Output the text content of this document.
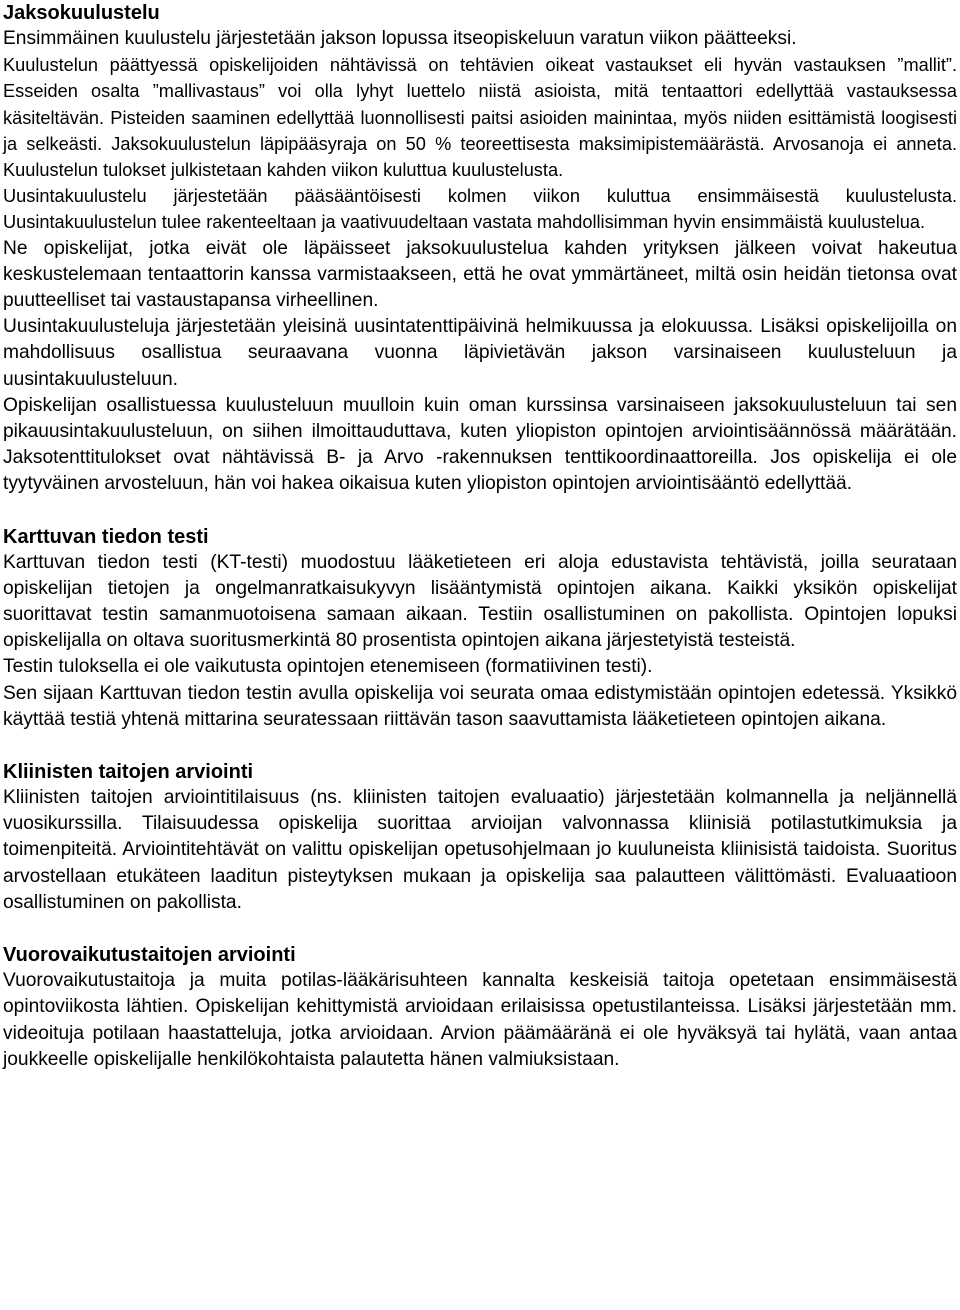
Jaksokuulustelu

Ensimmäinen kuulustelu järjestetään jakson lopussa itseopiskeluun varatun viikon päätteeksi.

Kuulustelun päättyessä opiskelijoiden nähtävissä on tehtävien oikeat vastaukset eli hyvän vastauksen ”mallit”. Esseiden osalta ”mallivastaus” voi olla lyhyt luettelo niistä asioista, mitä tentaattori edellyttää vastauksessa käsiteltävän. Pisteiden saaminen edellyttää luonnollisesti paitsi asioiden mainintaa, myös niiden esittämistä loogisesti ja selkeästi. Jaksokuulustelun läpipääsyraja on 50 % teoreettisesta maksimipistemäärästä. Arvosanoja ei anneta. Kuulustelun tulokset julkistetaan kahden viikon kuluttua kuulustelusta.

Uusintakuulustelu järjestetään pääsääntöisesti kolmen viikon kuluttua ensimmäisestä kuulustelusta. Uusintakuulustelun tulee rakenteeltaan ja vaativuudeltaan vastata mahdollisimman hyvin ensimmäistä kuulustelua.

Ne opiskelijat, jotka eivät ole läpäisseet jaksokuulustelua kahden yrityksen jälkeen voivat hakeutua keskustelemaan tentaattorin kanssa varmistaakseen, että he ovat ymmärtäneet, miltä osin heidän tietonsa ovat puutteelliset tai vastaustapansa virheellinen.

Uusintakuulusteluja järjestetään yleisinä uusintatenttipäivinä helmikuussa ja elokuussa. Lisäksi opiskelijoilla on mahdollisuus osallistua seuraavana vuonna läpivietävän jakson varsinaiseen kuulusteluun ja uusintakuulusteluun.

Opiskelijan osallistuessa kuulusteluun muulloin kuin oman kurssinsa varsinaiseen jaksokuulusteluun tai sen pikauusintakuulusteluun, on siihen ilmoittauduttava, kuten yliopiston opintojen arviointisäännössä määrätään. Jaksotenttitulokset ovat nähtävissä B- ja Arvo -rakennuksen tenttikoordinaattoreilla. Jos opiskelija ei ole tyytyväinen arvosteluun, hän voi hakea oikaisua kuten yliopiston opintojen arviointisääntö edellyttää.

Karttuvan tiedon testi

Karttuvan tiedon testi (KT-testi) muodostuu lääketieteen eri aloja edustavista tehtävistä, joilla seurataan opiskelijan tietojen ja ongelmanratkaisukyvyn lisääntymistä opintojen aikana. Kaikki yksikön opiskelijat suorittavat testin samanmuotoisena samaan aikaan. Testiin osallistuminen on pakollista. Opintojen lopuksi opiskelijalla on oltava suoritusmerkintä 80 prosentista opintojen aikana järjestetyistä testeistä.

Testin tuloksella ei ole vaikutusta opintojen etenemiseen (formatiivinen testi).

Sen sijaan Karttuvan tiedon testin avulla opiskelija voi seurata omaa edistymistään opintojen edetessä. Yksikkö käyttää testiä yhtenä mittarina seuratessaan riittävän tason saavuttamista lääketieteen opintojen aikana.

Kliinisten taitojen arviointi

Kliinisten taitojen arviointitilaisuus (ns. kliinisten taitojen evaluaatio) järjestetään kolmannella ja neljännellä vuosikurssilla. Tilaisuudessa opiskelija suorittaa arvioijan valvonnassa kliinisiä potilastutkimuksia ja toimenpiteitä. Arviointitehtävät on valittu opiskelijan opetusohjelmaan jo kuuluneista kliinisistä taidoista. Suoritus arvostellaan etukäteen laaditun pisteytyksen mukaan ja opiskelija saa palautteen välittömästi. Evaluaatioon osallistuminen on pakollista.

Vuorovaikutustaitojen arviointi

Vuorovaikutustaitoja ja muita potilas-lääkärisuhteen kannalta keskeisiä taitoja opetetaan ensimmäisestä opintoviikosta lähtien. Opiskelijan kehittymistä arvioidaan erilaisissa opetustilanteissa. Lisäksi järjestetään mm. videoituja potilaan haastatteluja, jotka arvioidaan. Arvion päämääränä ei ole hyväksyä tai hylätä, vaan antaa joukkeelle opiskelijalle henkilökohtaista palautetta hänen valmiuksistaan.
